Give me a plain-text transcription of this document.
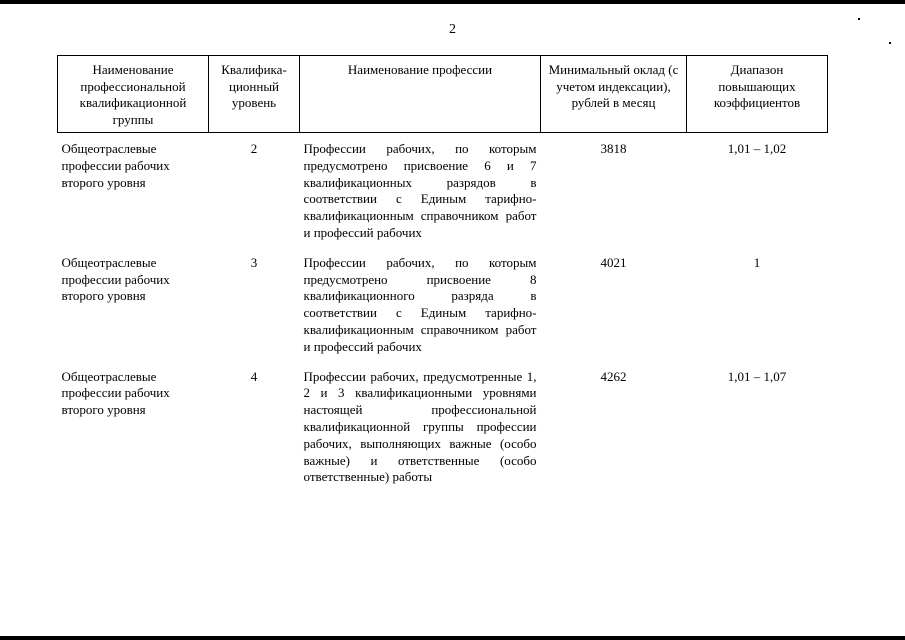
2
Наименование профессиональной квалификационной группы	Квалифика-ционный уровень	Наименование профессии	Минимальный оклад (с учетом индексации), рублей в месяц	Диапазон повышающих коэффициентов
Общеотраслевые профессии рабочих второго уровня	2	Профессии рабочих, по которым предусмотрено присвоение 6 и 7 квалификационных разрядов в соответствии с Единым тарифно-квалификационным справочником работ и профессий рабочих	3818	1,01 – 1,02
Общеотраслевые профессии рабочих второго уровня	3	Профессии рабочих, по которым предусмотрено присвоение 8 квалификационного разряда в соответствии с Единым тарифно-квалификационным справочником работ и профессий рабочих	4021	1
Общеотраслевые профессии рабочих второго уровня	4	Профессии рабочих, предусмотренные 1, 2 и 3 квалификационными уровнями настоящей профессиональной квалификационной группы профессии рабочих, выполняющих важные (особо важные) и ответственные (особо ответственные) работы	4262	1,01 – 1,07
